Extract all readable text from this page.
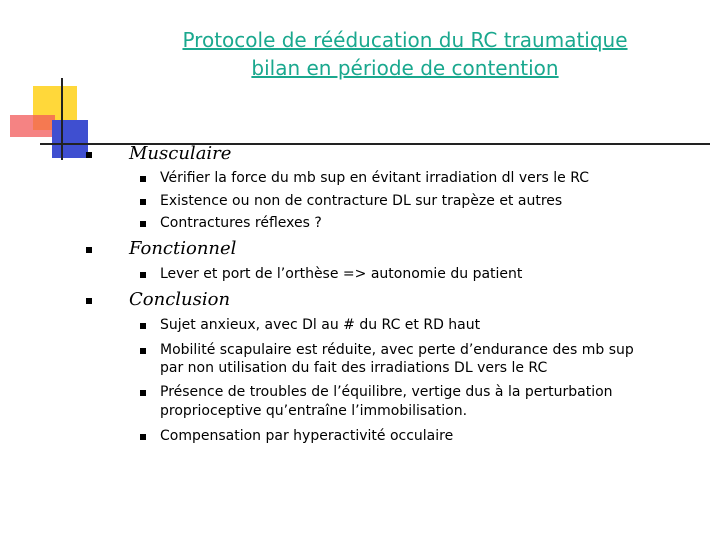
Protocole de rééducation du RC traumatique
bilan en période de contention
Musculaire
Vérifier la force du mb sup en évitant irradiation dl vers le RC
Existence ou non de contracture DL sur trapèze et autres
Contractures réflexes ?
Fonctionnel
Lever et port de l’orthèse => autonomie du patient
Conclusion
Sujet anxieux, avec Dl au # du RC et RD haut
Mobilité scapulaire est réduite, avec perte d’endurance des mb sup
par non utilisation du fait des irradiations DL vers le RC
Présence de troubles de l’équilibre, vertige dus à la perturbation
proprioceptive qu’entraîne l’immobilisation.
Compensation par hyperactivité occulaire
